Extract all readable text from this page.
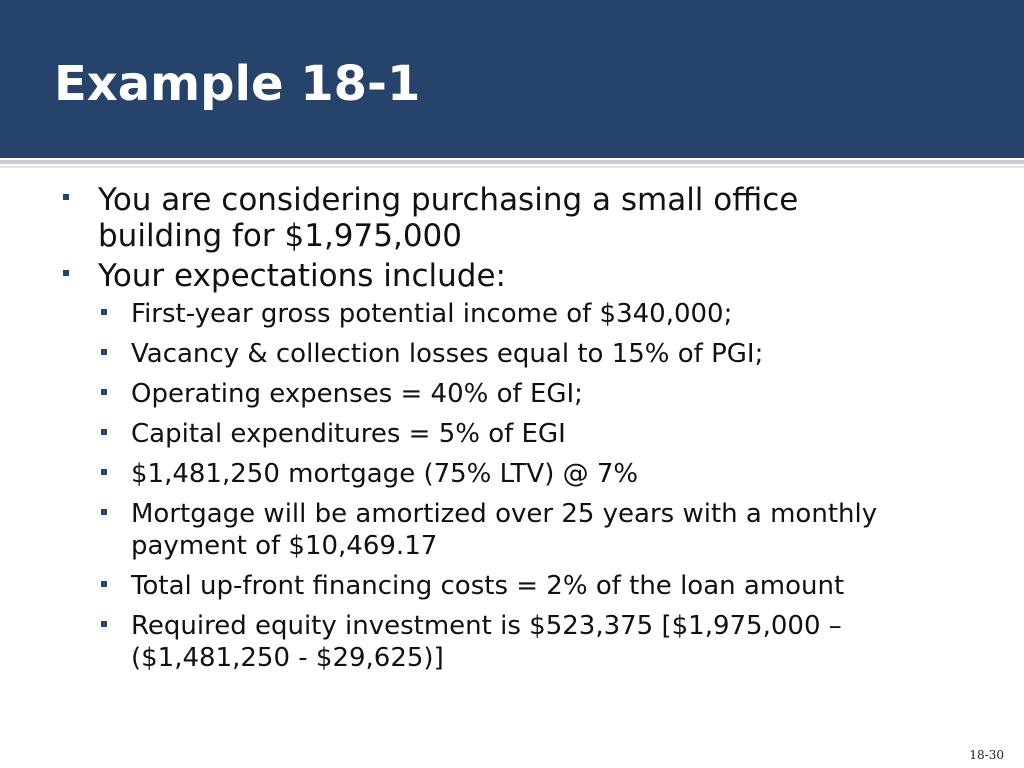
Example 18-1
You are considering purchasing a small office building for $1,975,000
Your expectations include:
First-year gross potential income of $340,000;
Vacancy & collection losses equal to 15% of PGI;
Operating expenses = 40% of EGI;
Capital expenditures = 5% of EGI
$1,481,250 mortgage (75% LTV) @ 7%
Mortgage will be amortized over 25 years with a monthly payment of $10,469.17
Total up-front financing costs = 2% of the loan amount
Required equity investment is $523,375 [$1,975,000 – ($1,481,250 - $29,625)]
18-30
